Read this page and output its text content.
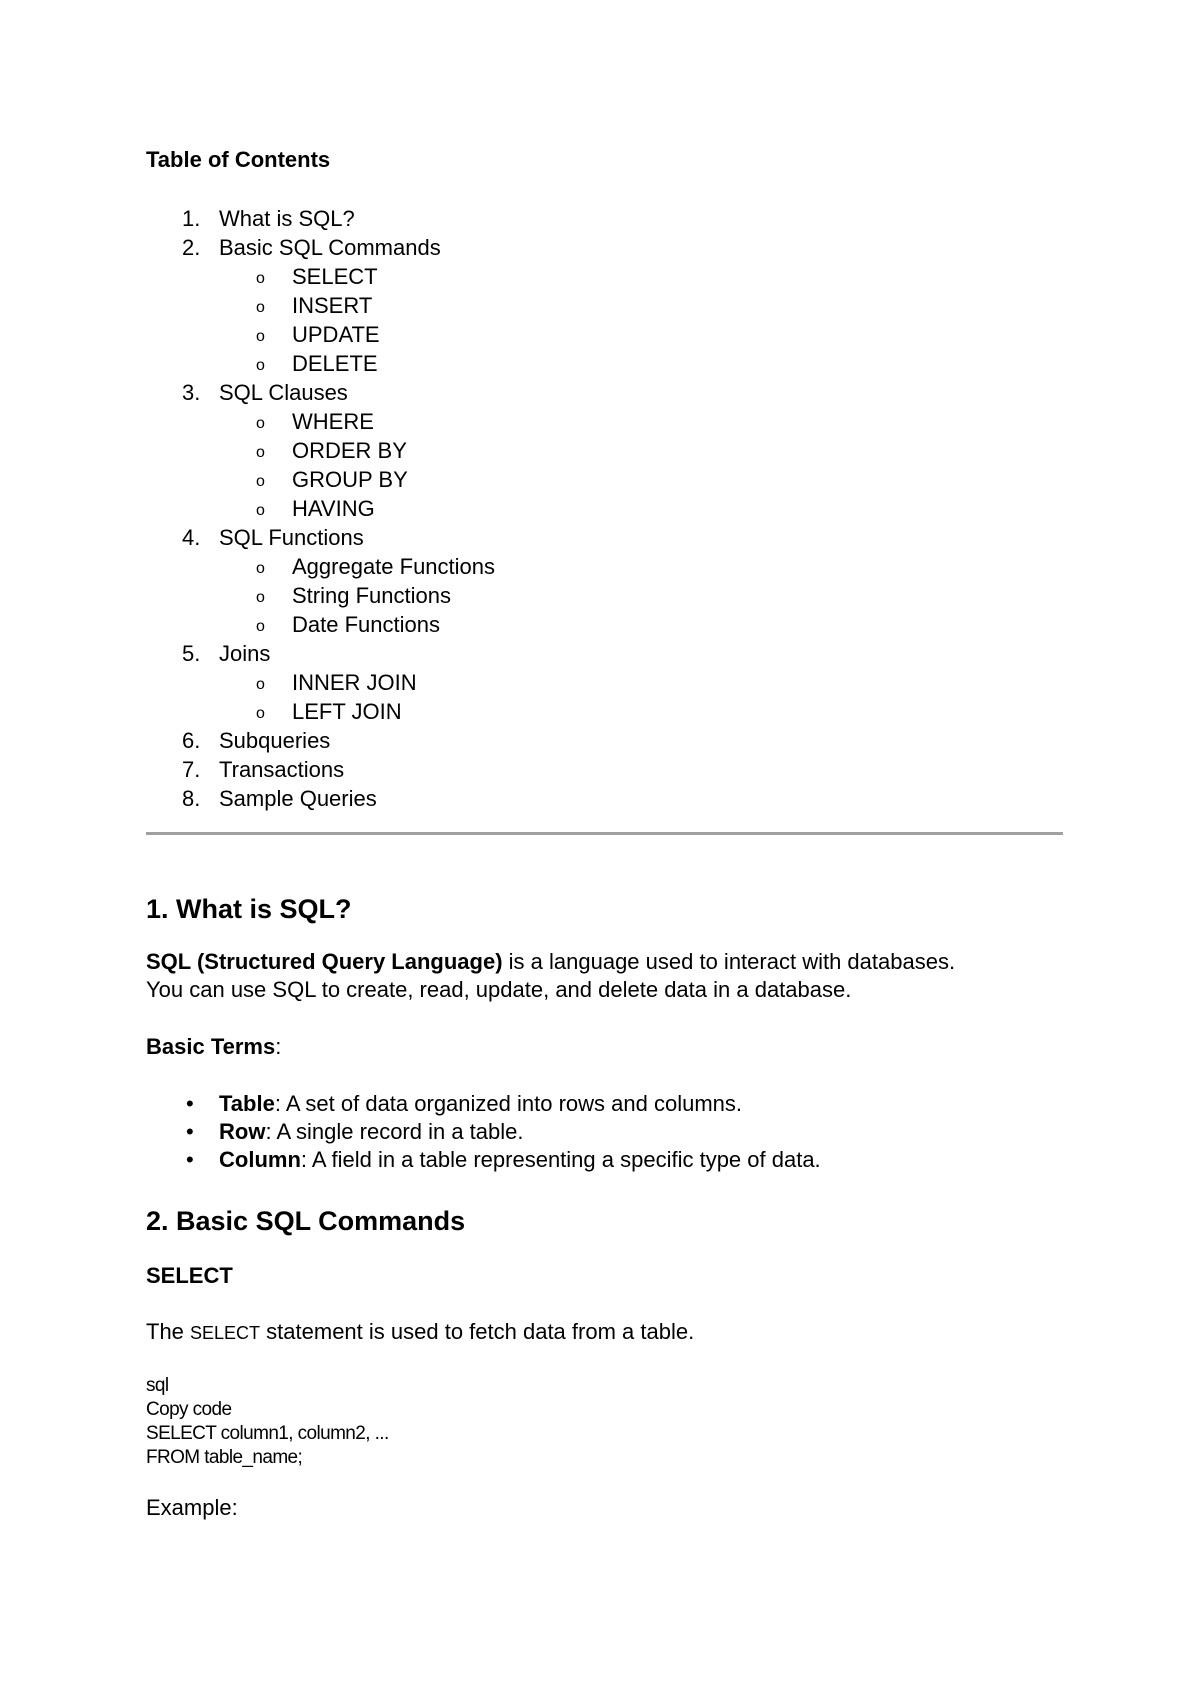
Table of Contents
1. What is SQL?
2. Basic SQL Commands
o SELECT
o INSERT
o UPDATE
o DELETE
3. SQL Clauses
o WHERE
o ORDER BY
o GROUP BY
o HAVING
4. SQL Functions
o Aggregate Functions
o String Functions
o Date Functions
5. Joins
o INNER JOIN
o LEFT JOIN
6. Subqueries
7. Transactions
8. Sample Queries
1. What is SQL?
SQL (Structured Query Language) is a language used to interact with databases.
You can use SQL to create, read, update, and delete data in a database.
Basic Terms:
• Table: A set of data organized into rows and columns.
• Row: A single record in a table.
• Column: A field in a table representing a specific type of data.
2. Basic SQL Commands
SELECT
The SELECT statement is used to fetch data from a table.
sql
Copy code
SELECT column1, column2, ...
FROM table_name;
Example:
